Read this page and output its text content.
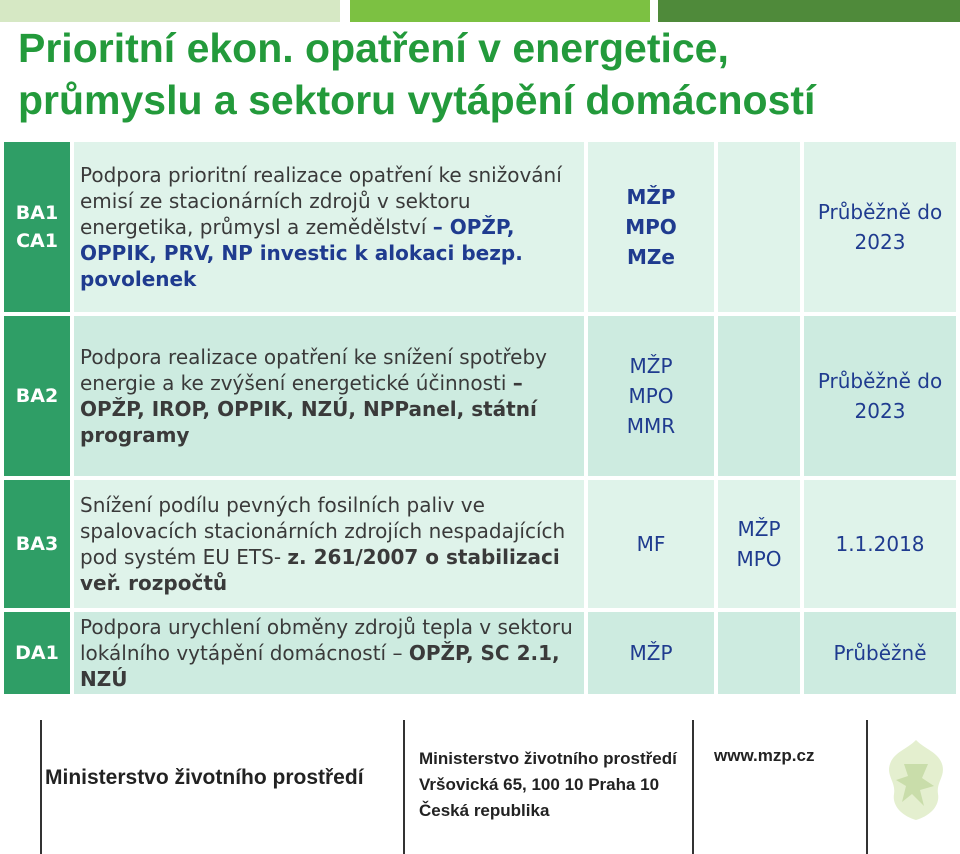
Prioritní ekon. opatření v energetice,
průmyslu a sektoru vytápění domácností
BA1
CA1
Podpora prioritní realizace opatření ke snižování emisí ze stacionárních zdrojů v sektoru energetika, průmysl a zemědělství – OPŽP, OPPIK, PRV, NP investic k alokaci bezp. povolenek
MŽP
MPO
MZe
Průběžně do
2023
BA2
Podpora realizace opatření ke snížení spotřeby energie a ke zvýšení energetické účinnosti – OPŽP, IROP, OPPIK, NZÚ, NPPanel, státní programy
MŽP
MPO
MMR
Průběžně do
2023
BA3
Snížení podílu pevných fosilních paliv ve spalovacích stacionárních zdrojích nespadajících pod systém EU ETS- z. 261/2007 o stabilizaci veř. rozpočtů
MF
MŽP
MPO
1.1.2018
DA1
Podpora urychlení obměny zdrojů tepla v sektoru lokálního vytápění domácností – OPŽP, SC 2.1, NZÚ
MŽP	Průběžně
Ministerstvo životního prostředí
Ministerstvo životního prostředí
Vršovická 65, 100 10 Praha 10
Česká republika
www.mzp.cz
